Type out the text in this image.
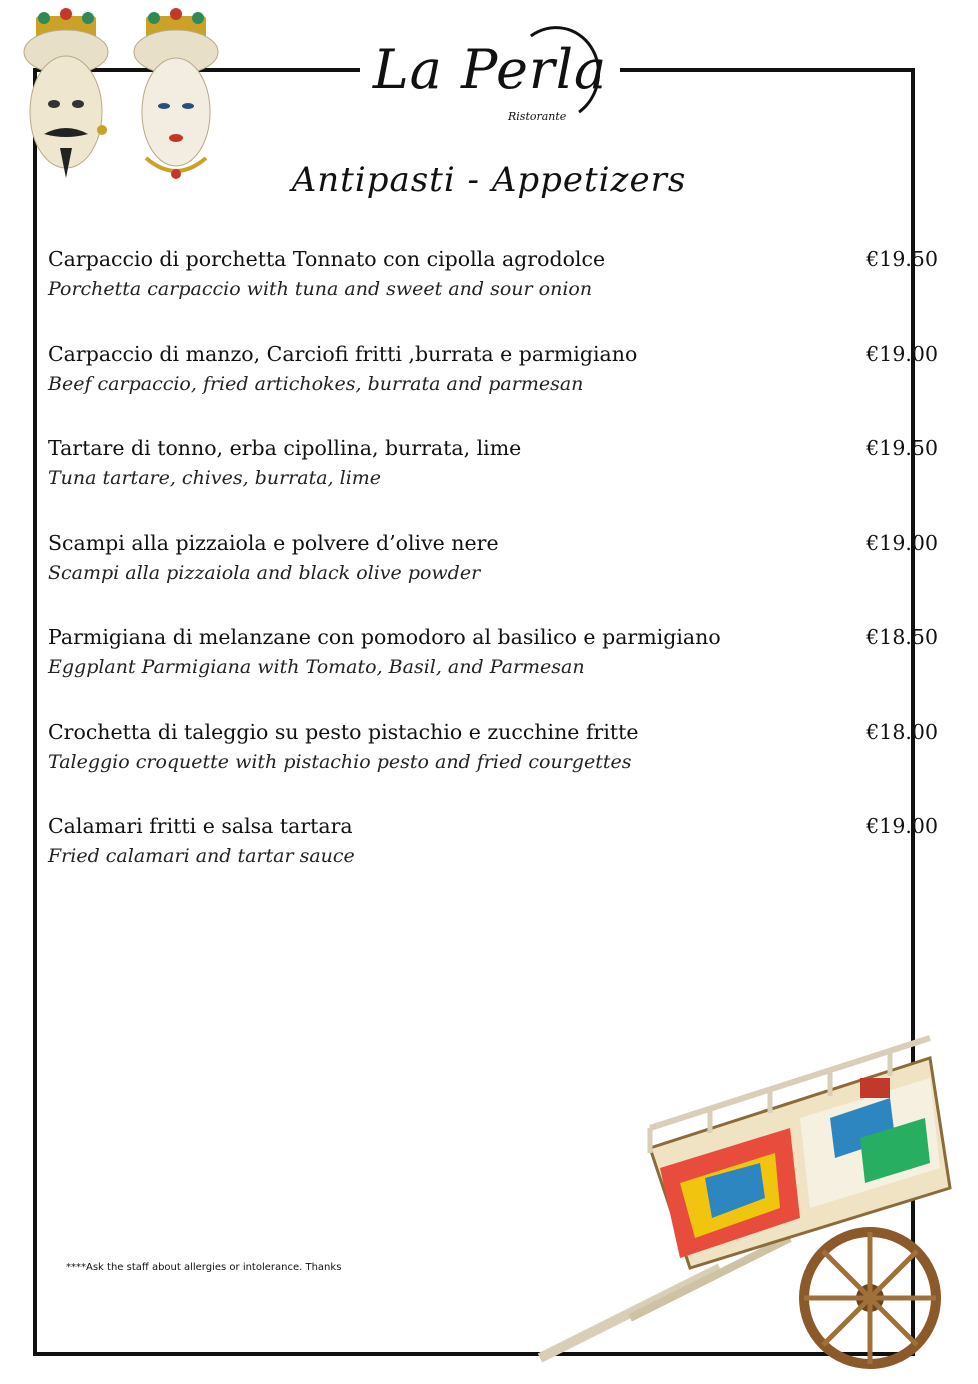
La Perla
Ristorante
Antipasti - Appetizers
Carpaccio di porchetta Tonnato con cipolla agrodolce
Porchetta carpaccio with tuna and sweet and sour onion
€19.50
Carpaccio di manzo, Carciofi fritti ,burrata e parmigiano
Beef carpaccio, fried artichokes, burrata and parmesan
€19.00
Tartare di tonno, erba cipollina, burrata, lime
Tuna tartare, chives, burrata, lime
€19.50
Scampi alla pizzaiola e polvere d’olive nere
Scampi alla pizzaiola and black olive powder
€19.00
Parmigiana di melanzane con pomodoro al basilico e parmigiano
Eggplant Parmigiana with Tomato, Basil, and Parmesan
€18.50
Crochetta di taleggio su pesto pistachio e zucchine fritte
Taleggio croquette with pistachio pesto and fried courgettes
€18.00
Calamari fritti e salsa tartara
Fried calamari and tartar sauce
€19.00
****Ask the staff about allergies or intolerance. Thanks
